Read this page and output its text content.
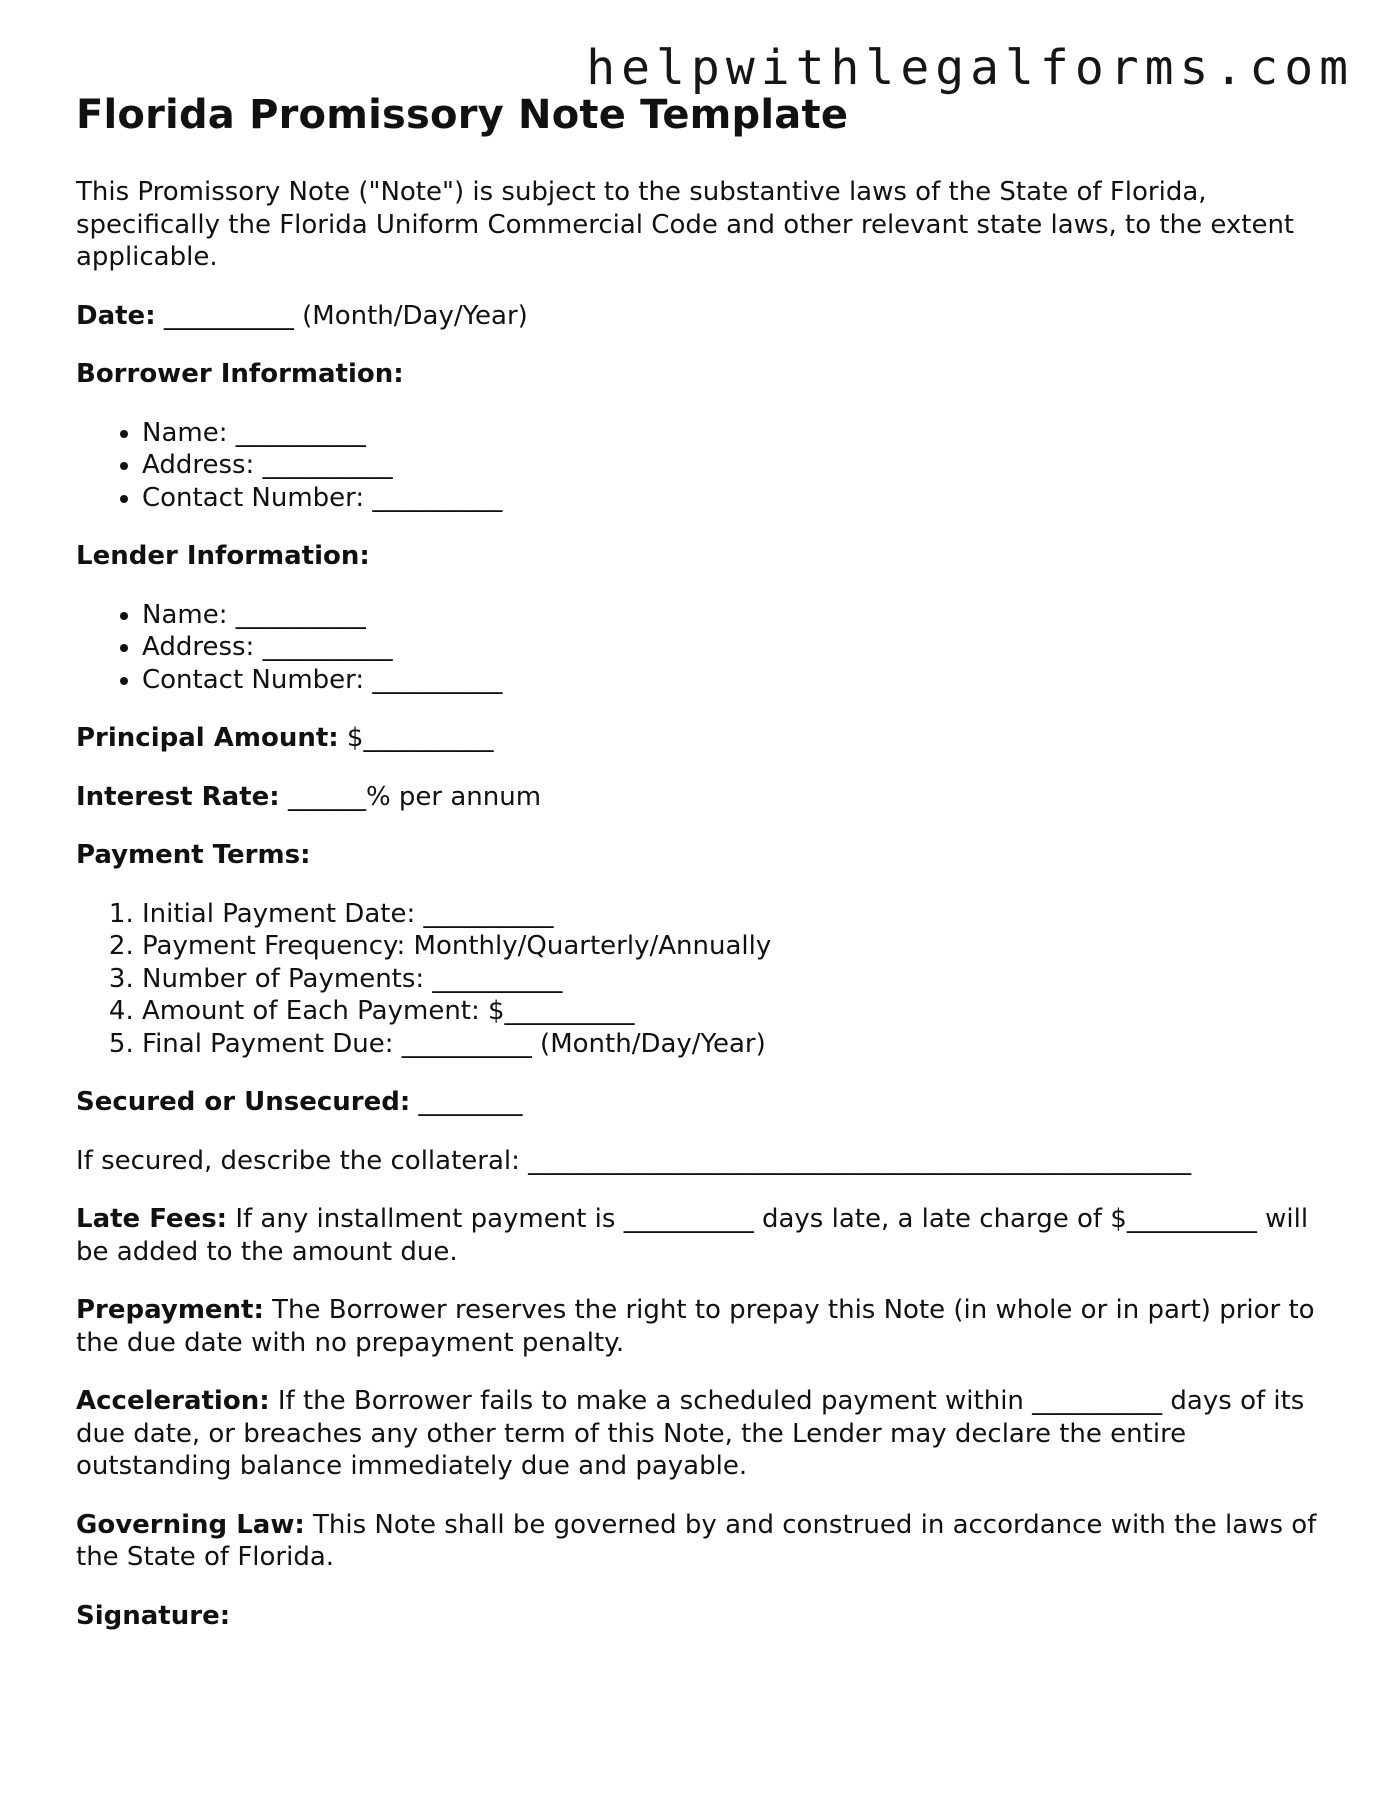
helpwithlegalforms.com
Florida Promissory Note Template

This Promissory Note ("Note") is subject to the substantive laws of the State of Florida, specifically the Florida Uniform Commercial Code and other relevant state laws, to the extent applicable.

Date: __________ (Month/Day/Year)

Borrower Information:

• Name: __________
• Address: __________
• Contact Number: __________

Lender Information:

• Name: __________
• Address: __________
• Contact Number: __________

Principal Amount: $__________

Interest Rate: ______% per annum

Payment Terms:

1. Initial Payment Date: __________
2. Payment Frequency: Monthly/Quarterly/Annually
3. Number of Payments: __________
4. Amount of Each Payment: $__________
5. Final Payment Due: __________ (Month/Day/Year)

Secured or Unsecured: ________

If secured, describe the collateral: ___________________________________________________

Late Fees: If any installment payment is __________ days late, a late charge of $__________ will be added to the amount due.

Prepayment: The Borrower reserves the right to prepay this Note (in whole or in part) prior to the due date with no prepayment penalty.

Acceleration: If the Borrower fails to make a scheduled payment within __________ days of its due date, or breaches any other term of this Note, the Lender may declare the entire outstanding balance immediately due and payable.

Governing Law: This Note shall be governed by and construed in accordance with the laws of the State of Florida.

Signature:
